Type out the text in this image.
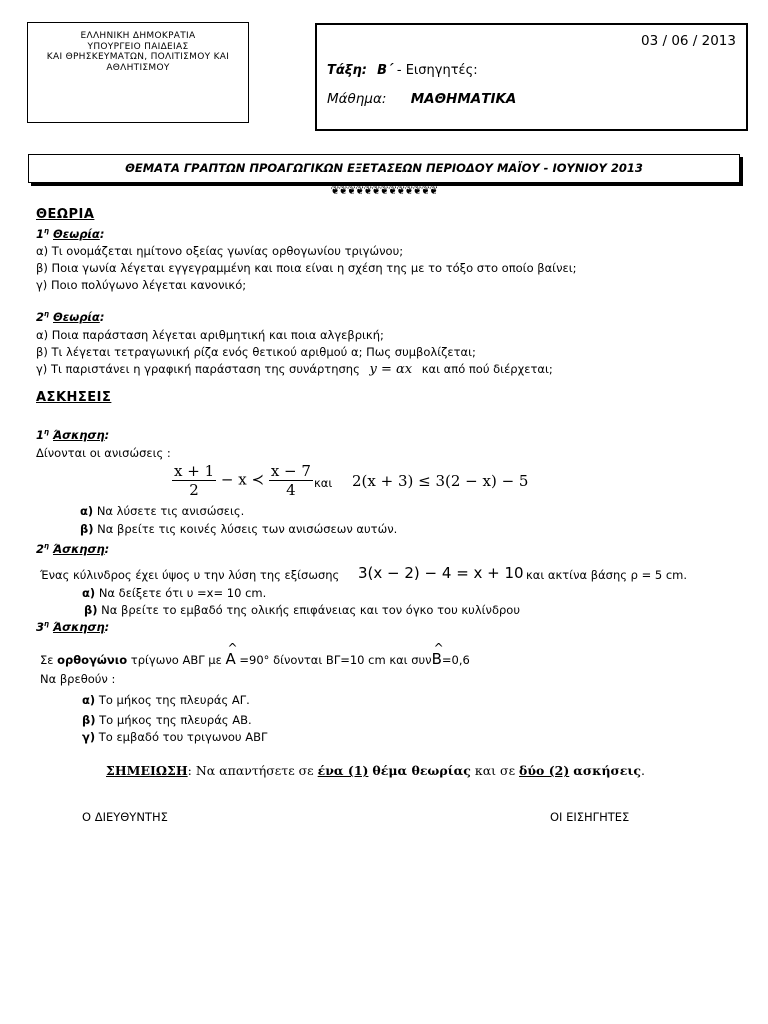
ΕΛΛΗΝΙΚΗ ΔΗΜΟΚΡΑΤΙΑ
ΥΠΟΥΡΓΕΙΟ ΠΑΙΔΕΙΑΣ
ΚΑΙ ΘΡΗΣΚΕΥΜΑΤΩΝ, ΠΟΛΙΤΙΣΜΟΥ ΚΑΙ
ΑΘΛΗΤΙΣΜΟΥ
03 / 06 / 2013
Τάξη: Β΄ - Εισηγητές:
Μάθημα: ΜΑΘΗΜΑΤΙΚΑ
ΘΕΜΑΤΑ ΓΡΑΠΤΩΝ ΠΡΟΑΓΩΓΙΚΩΝ ΕΞΕΤΑΣΕΩΝ ΠΕΡΙΟΔΟΥ ΜΑΪΟΥ - ΙΟΥΝΙΟΥ 2013
❦❦❦❦❦❦❦❦❦❦❦❦❦
ΘΕΩΡΙΑ
$1^\eta$ Θεωρία:
α) Τι ονομάζεται ημίτονο οξείας γωνίας ορθογωνίου τριγώνου;
β) Ποια γωνία λέγεται εγγεγραμμένη και ποια είναι η σχέση της με το τόξο στο οποίο βαίνει;
γ) Ποιο πολύγωνο λέγεται κανονικό;
$2^\eta$ Θεωρία:
α) Ποια παράσταση λέγεται αριθμητική και ποια αλγεβρική;
β) Τι λέγεται τετραγωνική ρίζα ενός θετικού αριθμού α; Πως συμβολίζεται;
γ) Τι παριστάνει η γραφική παράσταση της συνάρτησης y = αx και από πού διέρχεται;
ΑΣΚΗΣΕΙΣ
$1^\eta$ Άσκηση:
Δίνονται οι ανισώσεις :
$\frac{x + 1}{2} - x$ ≺ $\frac{x - 7}{4}$ και 2(x + 3) ≤ 3(2 − x) − 5
α) Να λύσετε τις ανισώσεις.
β) Να βρείτε τις κοινές λύσεις των ανισώσεων αυτών.
$2^\eta$ Άσκηση:
Ένας κύλινδρος έχει ύψος υ την λύση της εξίσωσης 3(x − 2) − 4 = x + 10 και ακτίνα βάσης ρ = 5 cm.
α) Να δείξετε ότι υ =x= 10 cm.
β) Να βρείτε το εμβαδό της ολικής επιφάνειας και τον όγκο του κυλίνδρου
$3^\eta$ Άσκηση:
Σε ορθογώνιο τρίγωνο ΑΒΓ με ^ A =90° δίνονται ΒΓ=10 cm και συν^ B=0,6
Να βρεθούν :
α) Το μήκος της πλευράς ΑΓ.
β) Το μήκος της πλευράς ΑΒ.
γ) Το εμβαδό του τριγωνου ΑΒΓ
ΣΗΜΕΙΩΣΗ: Να απαντήσετε σε ένα (1) θέμα θεωρίας και σε δύο (2) ασκήσεις.
Ο ΔΙΕΥΘΥΝΤΗΣ	ΟΙ ΕΙΣΗΓΗΤΕΣ
